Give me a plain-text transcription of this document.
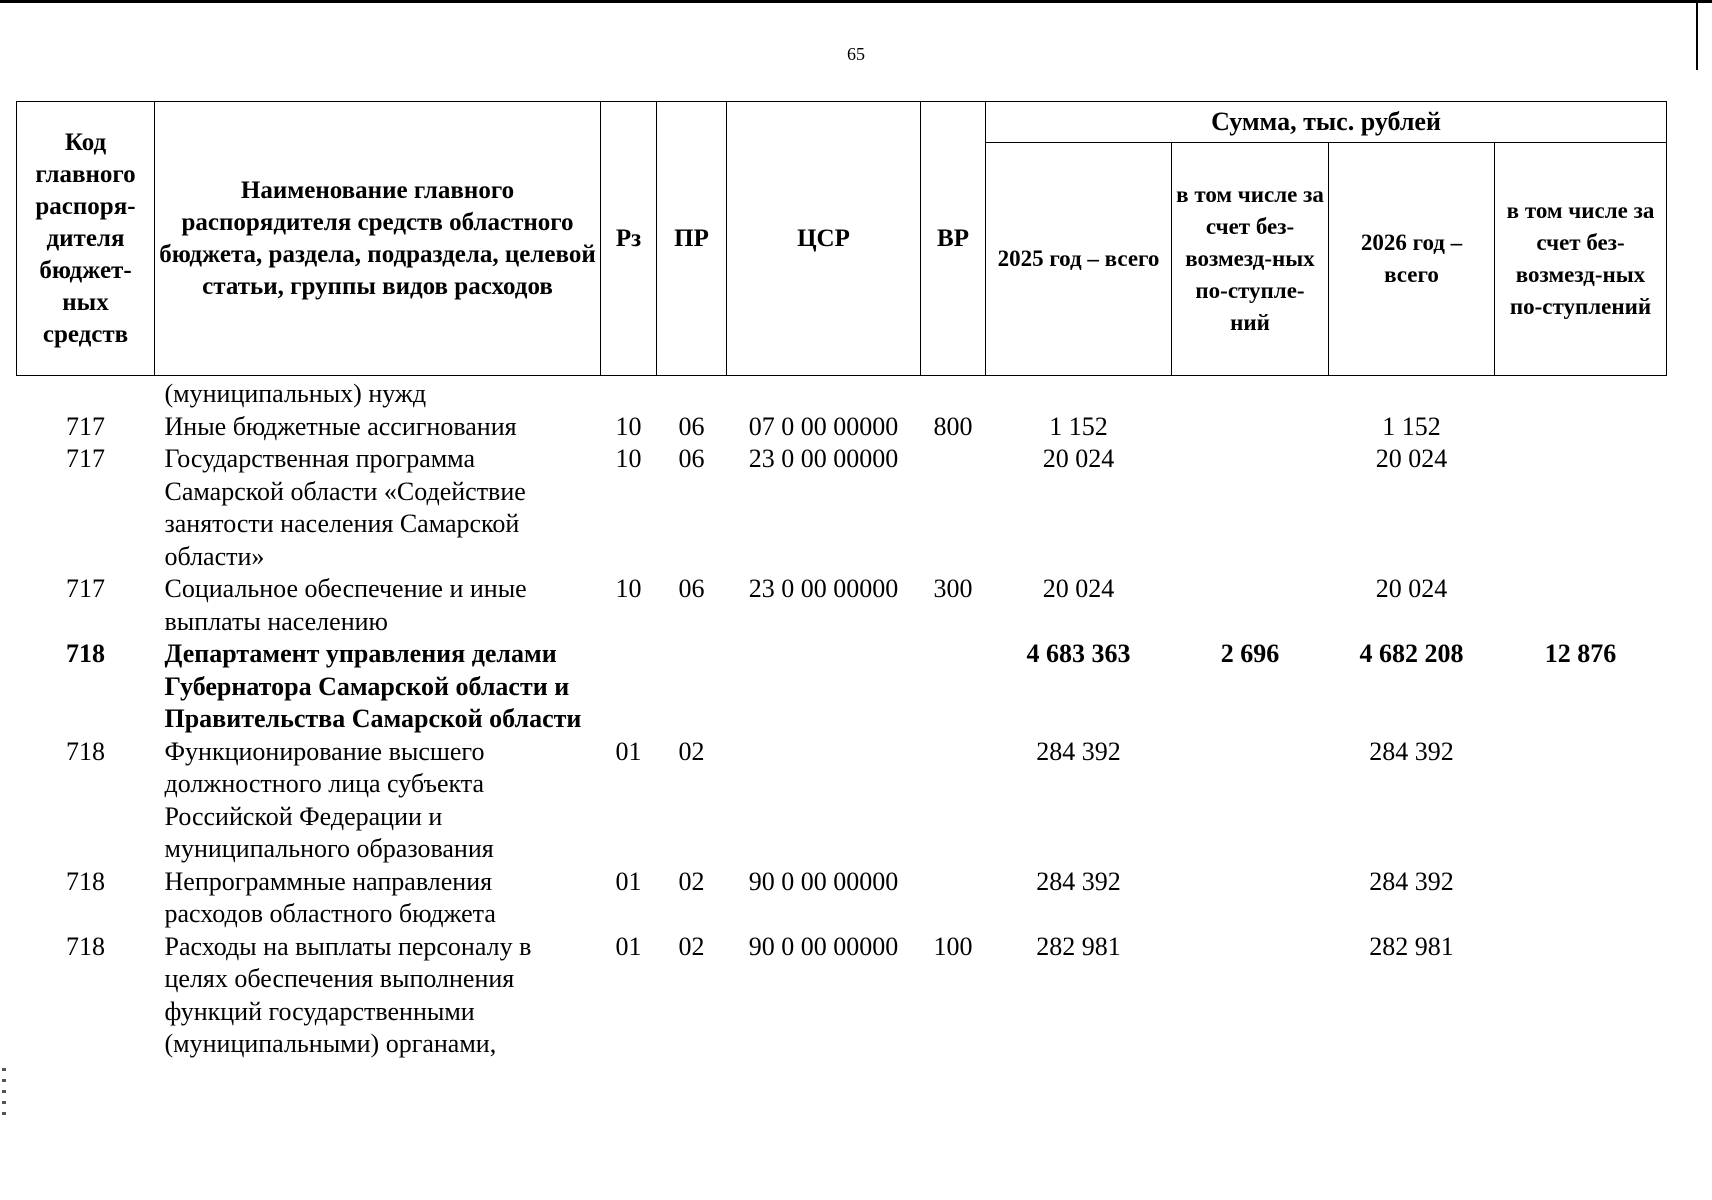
65
Код главного распоря-дителя бюджет-ных средств	Наименование главного распорядителя средств областного бюджета, раздела, подраздела, целевой статьи, группы видов расходов	Рз	ПР	ЦСР	ВР	Сумма, тыс. рублей			
						2025 год – всего	в том числе за счет без-возмезд-ных по-ступле-ний	2026 год – всего	в том числе за счет без-возмезд-ных по-ступлений
	(муниципальных) нужд								
717	Иные бюджетные ассигнования	10	06	07 0 00 00000	800	1 152		1 152	
717	Государственная программа Самарской области «Содействие занятости населения Самарской области»	10	06	23 0 00 00000		20 024		20 024	
717	Социальное обеспечение и иные выплаты населению	10	06	23 0 00 00000	300	20 024		20 024	
718	Департамент управления делами Губернатора Самарской области и Правительства Самарской области					4 683 363	2 696	4 682 208	12 876
718	Функционирование высшего должностного лица субъекта Российской Федерации и муниципального образования	01	02			284 392		284 392	
718	Непрограммные направления расходов областного бюджета	01	02	90 0 00 00000		284 392		284 392	
718	Расходы на выплаты персоналу в целях обеспечения выполнения функций государственными (муниципальными) органами,	01	02	90 0 00 00000	100	282 981		282 981	
